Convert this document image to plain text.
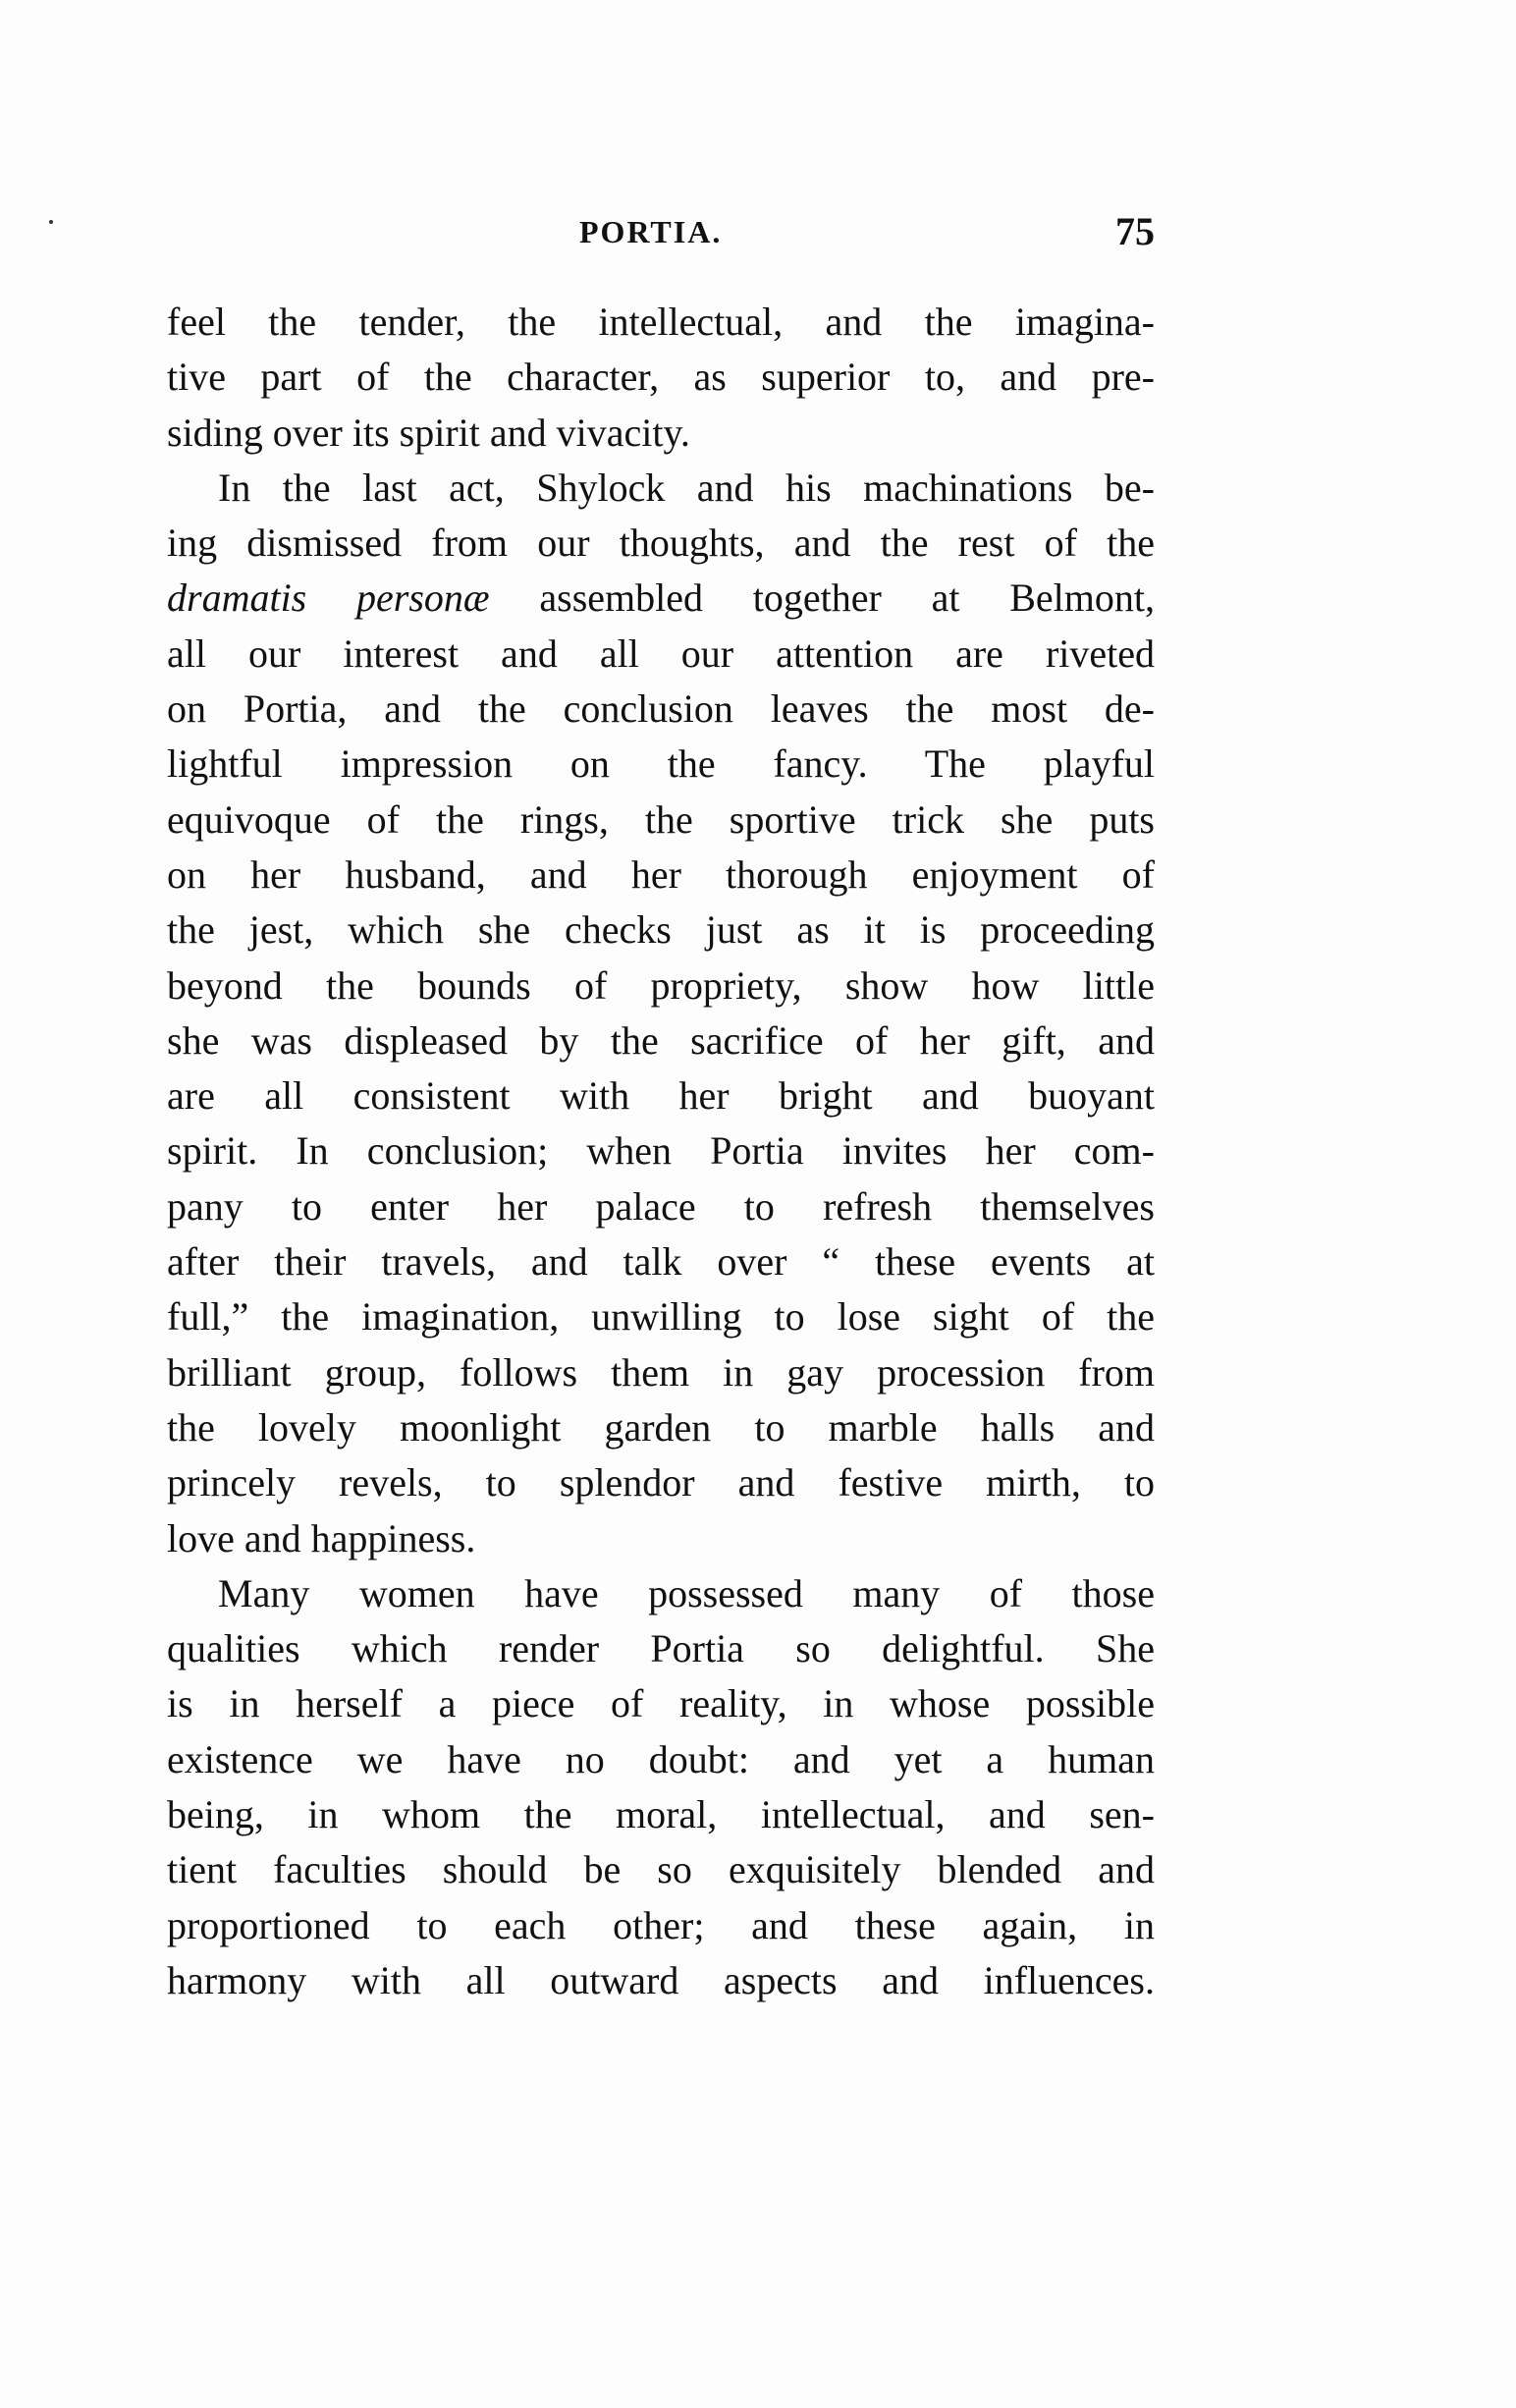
PORTIA.	75
feel the tender, the intellectual, and the imagina-
tive part of the character, as superior to, and pre-
siding over its spirit and vivacity.
In the last act, Shylock and his machinations be-
ing dismissed from our thoughts, and the rest of the
dramatis personæ assembled together at Belmont,
all our interest and all our attention are riveted
on Portia, and the conclusion leaves the most de-
lightful impression on the fancy. The playful
equivoque of the rings, the sportive trick she puts
on her husband, and her thorough enjoyment of
the jest, which she checks just as it is proceeding
beyond the bounds of propriety, show how little
she was displeased by the sacrifice of her gift, and
are all consistent with her bright and buoyant
spirit. In conclusion; when Portia invites her com-
pany to enter her palace to refresh themselves
after their travels, and talk over “ these events at
full,” the imagination, unwilling to lose sight of the
brilliant group, follows them in gay procession from
the lovely moonlight garden to marble halls and
princely revels, to splendor and festive mirth, to
love and happiness.
Many women have possessed many of those
qualities which render Portia so delightful. She
is in herself a piece of reality, in whose possible
existence we have no doubt: and yet a human
being, in whom the moral, intellectual, and sen-
tient faculties should be so exquisitely blended and
proportioned to each other; and these again, in
harmony with all outward aspects and influences.
